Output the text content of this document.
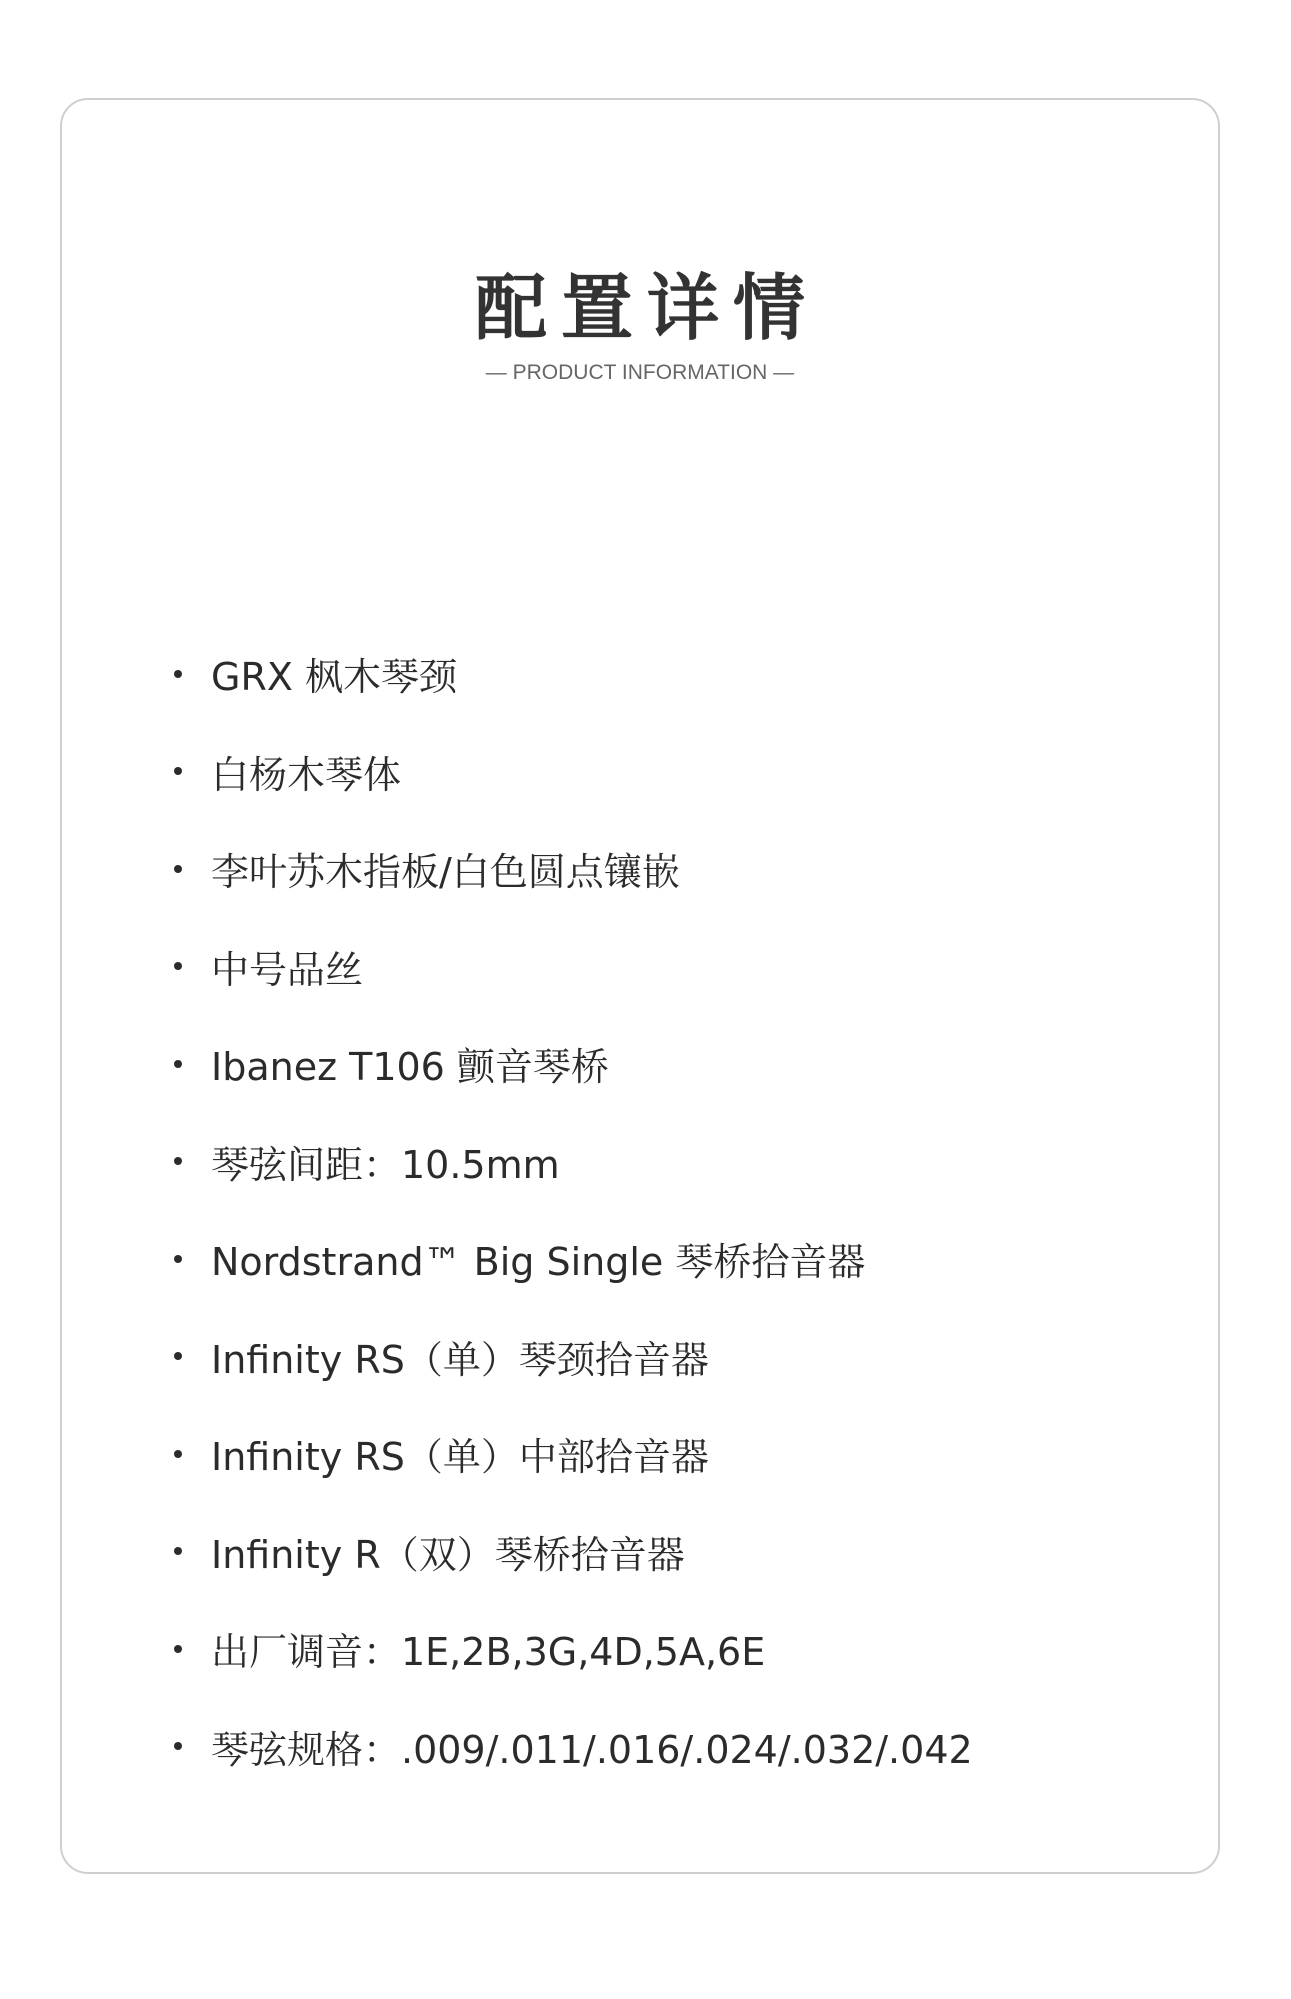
配置详情
— PRODUCT INFORMATION —
GRX 枫木琴颈
白杨木琴体
李叶苏木指板/白色圆点镶嵌
中号品丝
Ibanez T106 颤音琴桥
琴弦间距：10.5mm
Nordstrand™ Big Single 琴桥拾音器
Infinity RS（单）琴颈拾音器
Infinity RS（单）中部拾音器
Infinity R（双）琴桥拾音器
出厂调音：1E,2B,3G,4D,5A,6E
琴弦规格：.009/.011/.016/.024/.032/.042
